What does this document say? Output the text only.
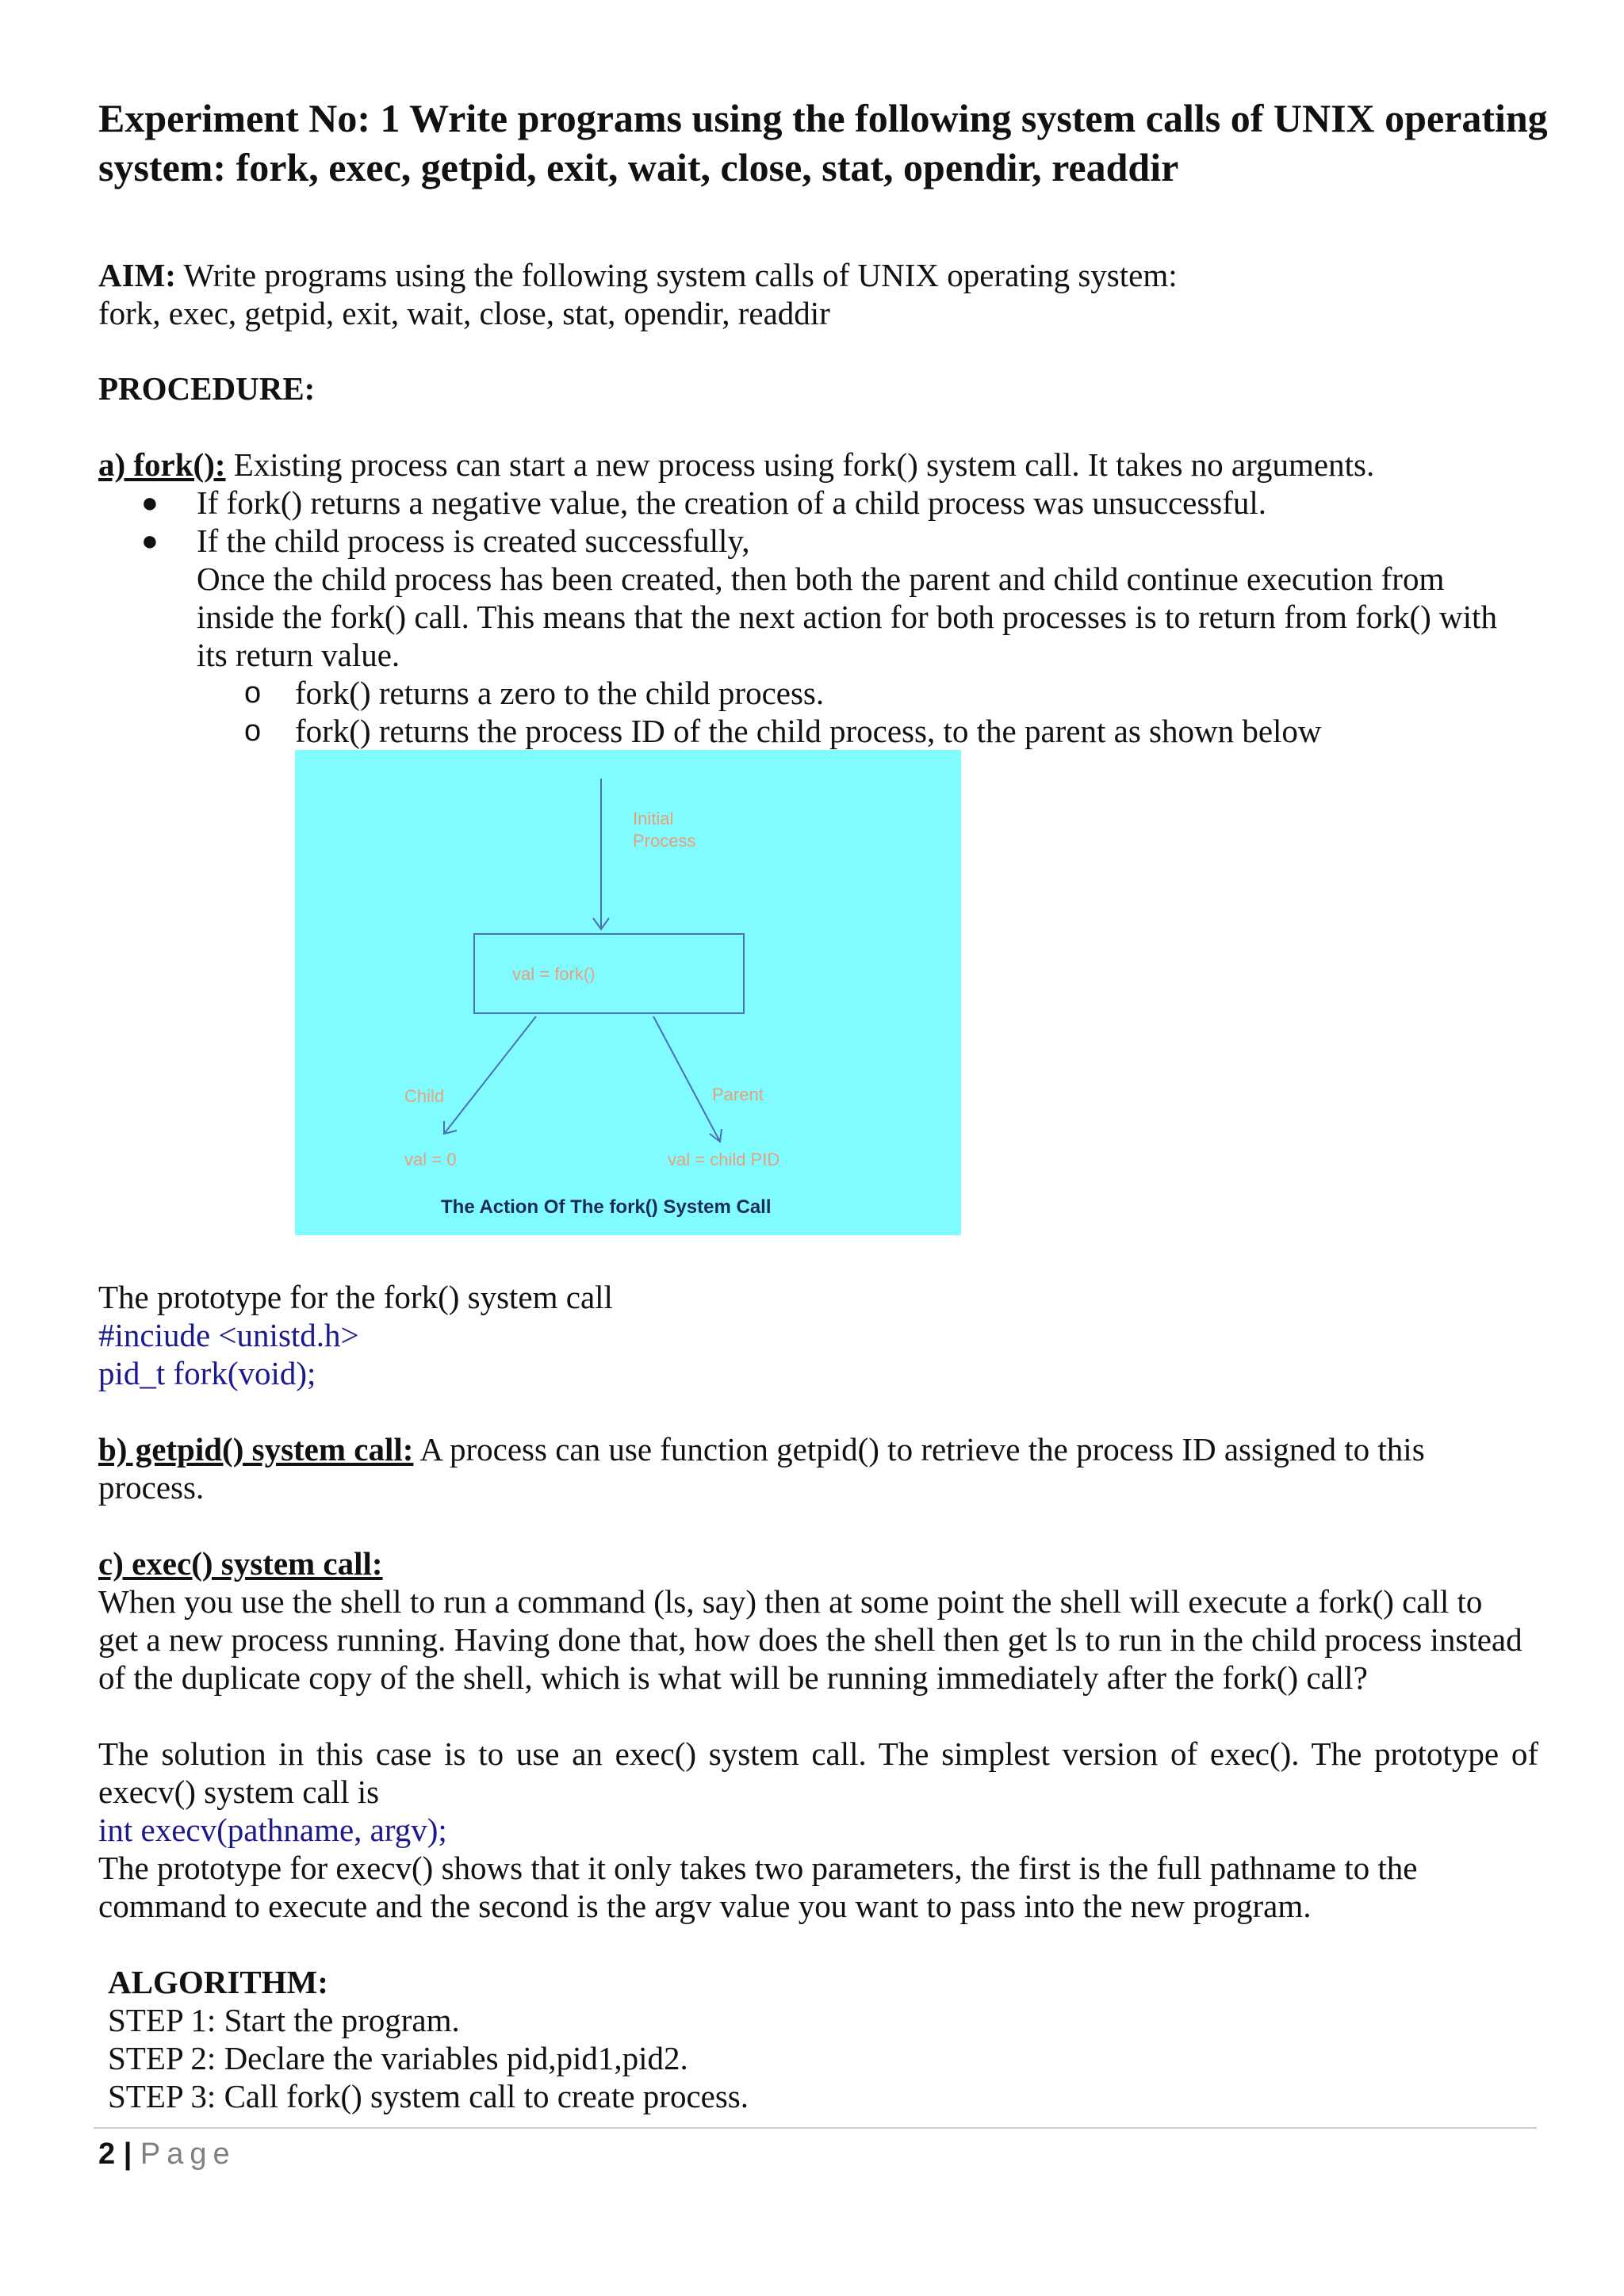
Experiment No: 1 Write programs using the following system calls of UNIX operating system: fork, exec, getpid, exit, wait, close, stat, opendir, readdir
AIM: Write programs using the following system calls of UNIX operating system:
fork, exec, getpid, exit, wait, close, stat, opendir, readdir
PROCEDURE:
a) fork(): Existing process can start a new process using fork() system call. It takes no arguments.
● If fork() returns a negative value, the creation of a child process was unsuccessful.
● If the child process is created successfully,
Once the child process has been created, then both the parent and child continue execution from
inside the fork() call. This means that the next action for both processes is to return from fork() with
its return value.
o fork() returns a zero to the child process.
o fork() returns the process ID of the child process, to the parent as shown below
Initial
Process
val = fork()
Child	Parent
val = 0	val = child PID
The Action Of The fork() System Call
The prototype for the fork() system call
#inciude <unistd.h>
pid_t fork(void);
b) getpid() system call: A process can use function getpid() to retrieve the process ID assigned to this
process.
c) exec() system call:
When you use the shell to run a command (ls, say) then at some point the shell will execute a fork() call to
get a new process running. Having done that, how does the shell then get ls to run in the child process instead
of the duplicate copy of the shell, which is what will be running immediately after the fork() call?
The solution in this case is to use an exec() system call. The simplest version of exec(). The prototype of
execv() system call is
int execv(pathname, argv);
The prototype for execv() shows that it only takes two parameters, the first is the full pathname to the
command to execute and the second is the argv value you want to pass into the new program.
ALGORITHM:
STEP 1: Start the program.
STEP 2: Declare the variables pid,pid1,pid2.
STEP 3: Call fork() system call to create process.
2 | Page
